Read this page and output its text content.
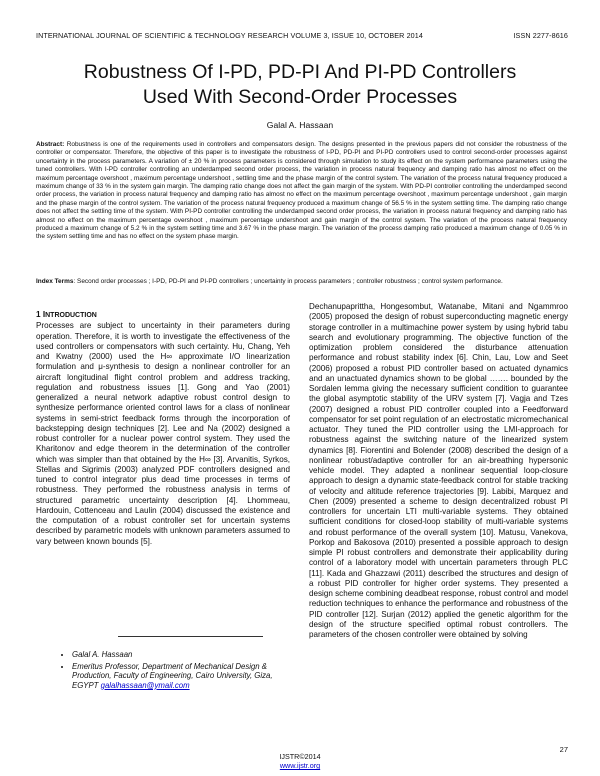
INTERNATIONAL JOURNAL OF SCIENTIFIC & TECHNOLOGY RESEARCH VOLUME 3, ISSUE 10, OCTOBER 2014	ISSN 2277-8616
Robustness Of I-PD, PD-PI And PI-PD Controllers
Used With Second-Order Processes
Galal A. Hassaan
Abstract: Robustness is one of the requirements used in controllers and compensators design. The designs presented in the previous papers did not consider the robustness of the controller or compensator. Therefore, the objective of this paper is to investigate the robustness of I-PD, PD-PI and PI-PD controllers used to control second-order processes against uncertainty in the process parameters. A variation of ± 20 % in process parameters is considered through simulation to study its effect on the system performance parameters using the tuned controllers. With I-PD controller controlling an underdamped second order process, the variation in process natural frequency and damping ratio has almost no effect on the maximum percentage overshoot , maximum percentage undershoot , settling time and the phase margin of the control system. The variation of the process natural frequency produced a maximum change of 33 % in the system gain margin. The damping ratio change does not affect the gain margin of the system. With PD-PI controller controlling the underdamped second order process, the variation in process natural frequency and damping ratio has almost no effect on the maximum percentage overshoot , maximum percentage undershoot , gain margin and the phase margin of the control system. The variation of the process natural frequency produced a maximum change of 56.5 % in the system settling time. The damping ratio change does not affect the settling time of the system. With PI-PD controller controlling the underdamped second order process, the variation in process natural frequency and damping ratio has almost no effect on the maximum percentage overshoot , maximum percentage undershoot and gain margin of the control system. The variation of the process natural frequency produced a maximum change of 5.2 % in the system settling time and 3.67 % in the phase margin. The variation of the process damping ratio produced a maximum change of 0.05 % in the system settling time and has no effect on the system phase margin.
Index Terms: Second order processes ; I-PD, PD-PI and PI-PD controllers ; uncertainty in process parameters ; controller robustness ; control system performance.
1 INTRODUCTION
Processes are subject to uncertainty in their parameters during operation. Therefore, it is worth to investigate the effectiveness of the used controllers or compensators with such certainty. Hu, Chang, Yeh and Kwatny (2000) used the H∞ approximate I/O linearization formulation and μ-synthesis to design a nonlinear controller for an aircraft longitudinal flight control problem and address tracking, regulation and robustness issues [1]. Gong and Yao (2001) generalized a neural network adaptive robust control design to synthesize performance oriented control laws for a class of nonlinear systems in semi-strict feedback forms through the incorporation of backstepping design techniques [2]. Lee and Na (2002) designed a robust controller for a nuclear power control system. They used the Kharitonov and edge theorem in the determination of the controller which was simpler than that obtained by the H∞ [3]. Arvanitis, Syrkos, Stellas and Sigrimis (2003) analyzed PDF controllers designed and tuned to control integrator plus dead time processes in terms of robustness. They performed the robustness analysis in terms of structured parametric uncertainty description [4]. Lhommeau, Hardouin, Cottenceau and Laulin (2004) discussed the existence and the computation of a robust controller set for uncertain systems described by parametric models with unknown parameters assumed to vary between known bounds [5].
Dechanupaprittha, Hongesombut, Watanabe, Mitani and Ngammroo (2005) proposed the design of robust superconducting magnetic energy storage controller in a multimachine power system by using hybrid tabu search and evolutionary programming. The objective function of the optimization problem considered the disturbance attenuation performance and robust stability index [6]. Chin, Lau, Low and Seet (2006) proposed a robust PID controller based on actuated dynamics and an unactuated dynamics shown to be global ……. bounded by the Sordalen lemma giving the necessary sufficient condition to guarantee the global asymptotic stability of the URV system [7]. Vagja and Tzes (2007) designed a robust PID controller coupled into a Feedforward compensator for set point regulation of an electrostatic micromechanical actuator. They tuned the PID controller using the LMI-approach for robustness against the switching nature of the linearized system dynamics [8]. Fiorentini and Bolender (2008) described the design of a nonlinear robust/adaptive controller for an air-breathing hypersonic vehicle model. They adapted a nonlinear sequential loop-closure approach to design a dynamic state-feedback control for stable tracking of velocity and altitude reference trajectories [9]. Labibi, Marquez and Chen (2009) presented a scheme to design decentralized robust PI controllers for uncertain LTI multi-variable systems. They obtained sufficient conditions for closed-loop stability of multi-variable systems and robust performance of the overall system [10]. Matusu, Vanekova, Porkop and Bakosova (2010) presented a possible approach to design simple PI robust controllers and demonstrate their applicability during control of a laboratory model with uncertain parameters through PLC [11]. Kada and Ghazzawi (2011) described the structures and design of a robust PID controller for higher order systems. They presented a design scheme combining deadbeat response, robust control and model reduction techniques to enhance the performance and robustness of the PID controller [12]. Surjan (2012) applied the genetic algorithm for the design of the structure specified optimal robust controllers. The parameters of the chosen controller were obtained by solving
• Galal A. Hassaan
• Emeritus Professor, Department of Mechanical Design & Production, Faculty of Engineering, Cairo University, Giza, EGYPT galalhassaan@ymail.com
27
IJSTR©2014
www.ijstr.org
